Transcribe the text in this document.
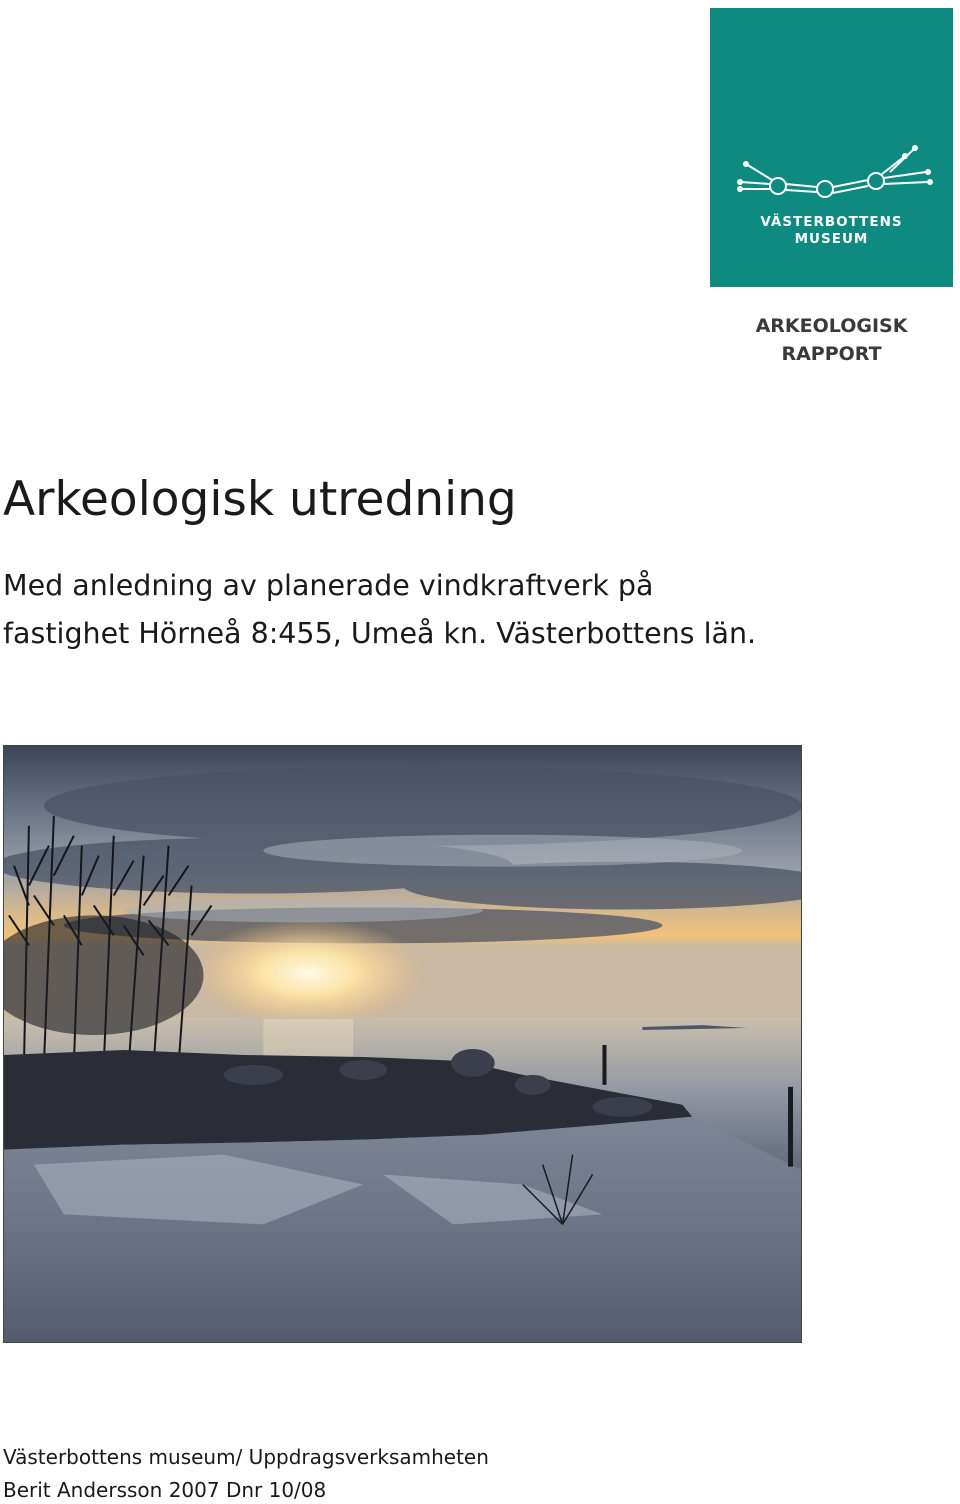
VÄSTERBOTTENS
MUSEUM
ARKEOLOGISK
RAPPORT
Arkeologisk utredning
Med anledning av planerade vindkraftverk på
fastighet Hörneå 8:455, Umeå kn. Västerbottens län.

Västerbottens museum/ Uppdragsverksamheten

Berit Andersson 2007 Dnr 10/08
